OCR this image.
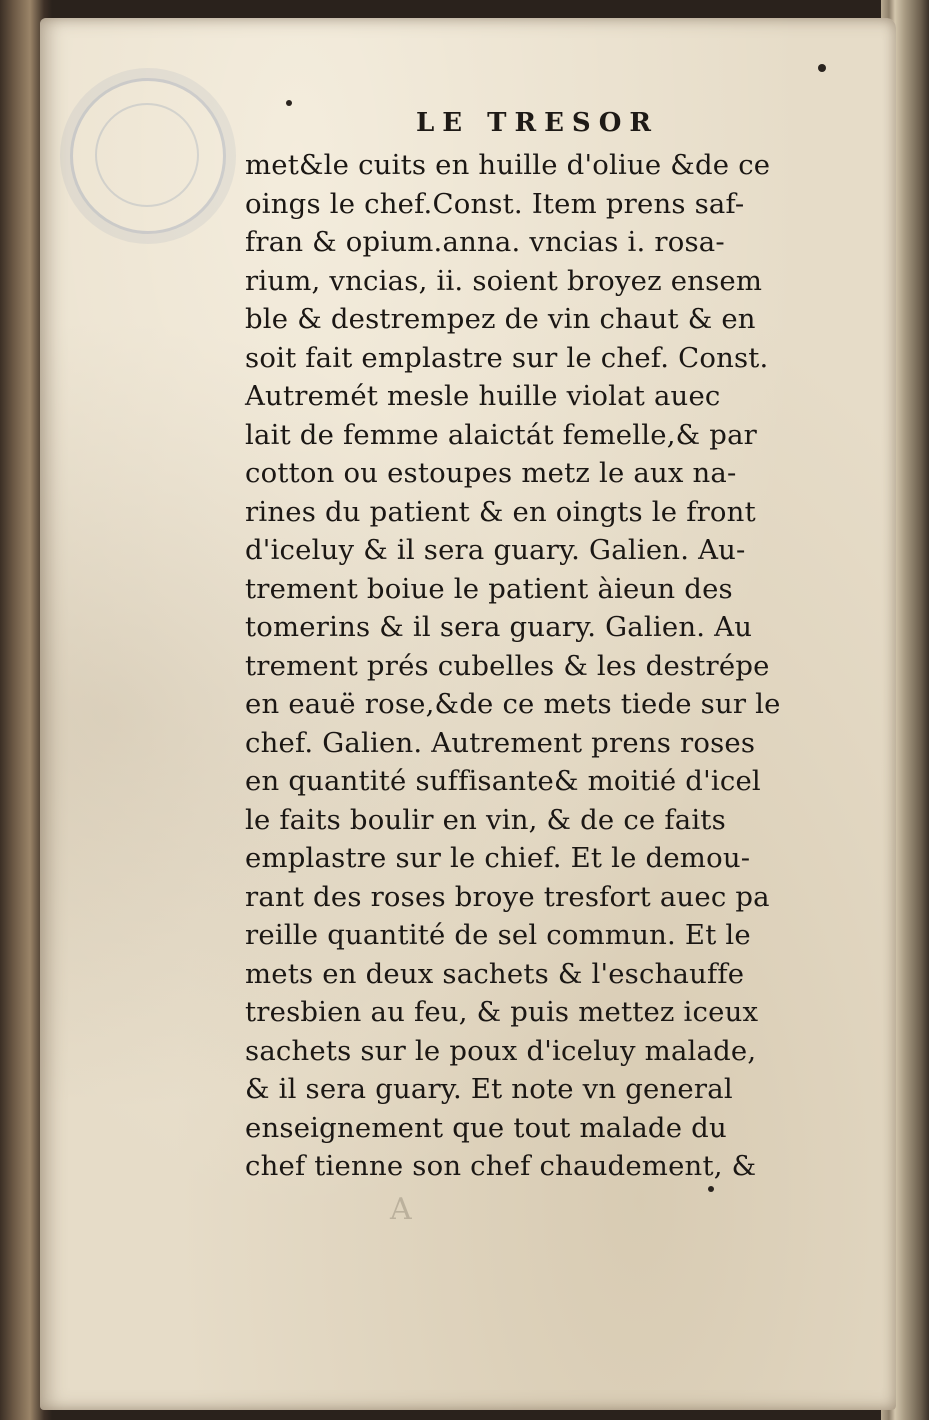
LE TRESOR
met&le cuits en huille d'oliue &de ce
oings le chef.Const. Item prens saf-
fran & opium.anna. vncias i. rosa-
rium, vncias, ii. soient broyez ensem
ble & destrempez de vin chaut & en
soit fait emplastre sur le chef. Const.
Autremét mesle huille violat auec
lait de femme alaictát femelle,& par
cotton ou estoupes metz le aux na-
rines du patient & en oingts le front
d'iceluy & il sera guary. Galien. Au-
trement boiue le patient àieun des
tomerins & il sera guary. Galien. Au
trement prés cubelles & les destrépe
en eauë rose,&de ce mets tiede sur le
chef. Galien. Autrement prens roses
en quantité suffisante& moitié d'icel
le faits boulir en vin, & de ce faits
emplastre sur le chief. Et le demou-
rant des roses broye tresfort auec pa
reille quantité de sel commun. Et le
mets en deux sachets & l'eschauffe
tresbien au feu, & puis mettez iceux
sachets sur le poux d'iceluy malade,
& il sera guary. Et note vn general
enseignement que tout malade du
chef tienne son chef chaudement, &
A
